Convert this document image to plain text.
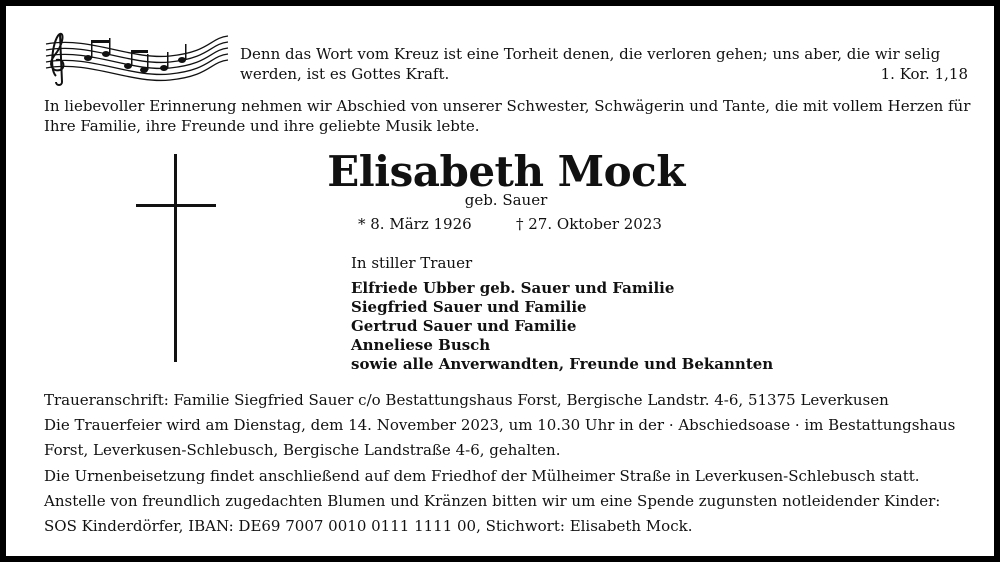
Denn das Wort vom Kreuz ist eine Torheit denen, die verloren gehen; uns aber, die wir selig werden, ist es Gottes Kraft.	1. Kor. 1,18
In liebevoller Erinnerung nehmen wir Abschied von unserer Schwester, Schwägerin und Tante, die mit vollem Herzen für Ihre Familie, ihre Freunde und ihre geliebte Musik lebte.
Elisabeth Mock
geb. Sauer
* 8. März 1926	† 27. Oktober 2023
In stiller Trauer
Elfriede Ubber geb. Sauer und Familie
Siegfried Sauer und Familie
Gertrud Sauer und Familie
Anneliese Busch
sowie alle Anverwandten, Freunde und Bekannten

Traueranschrift: Familie Siegfried Sauer c/o Bestattungshaus Forst, Bergische Landstr. 4-6, 51375 Leverkusen

Die Trauerfeier wird am Dienstag, dem 14. November 2023, um 10.30 Uhr in der · Abschiedsoase · im Bestattungshaus Forst, Leverkusen-Schlebusch, Bergische Landstraße 4-6, gehalten.

Die Urnenbeisetzung findet anschließend auf dem Friedhof der Mülheimer Straße in Leverkusen-Schlebusch statt.

Anstelle von freundlich zugedachten Blumen und Kränzen bitten wir um eine Spende zugunsten notleidender Kinder: SOS Kinderdörfer, IBAN: DE69 7007 0010 0111 1111 00, Stichwort: Elisabeth Mock.
